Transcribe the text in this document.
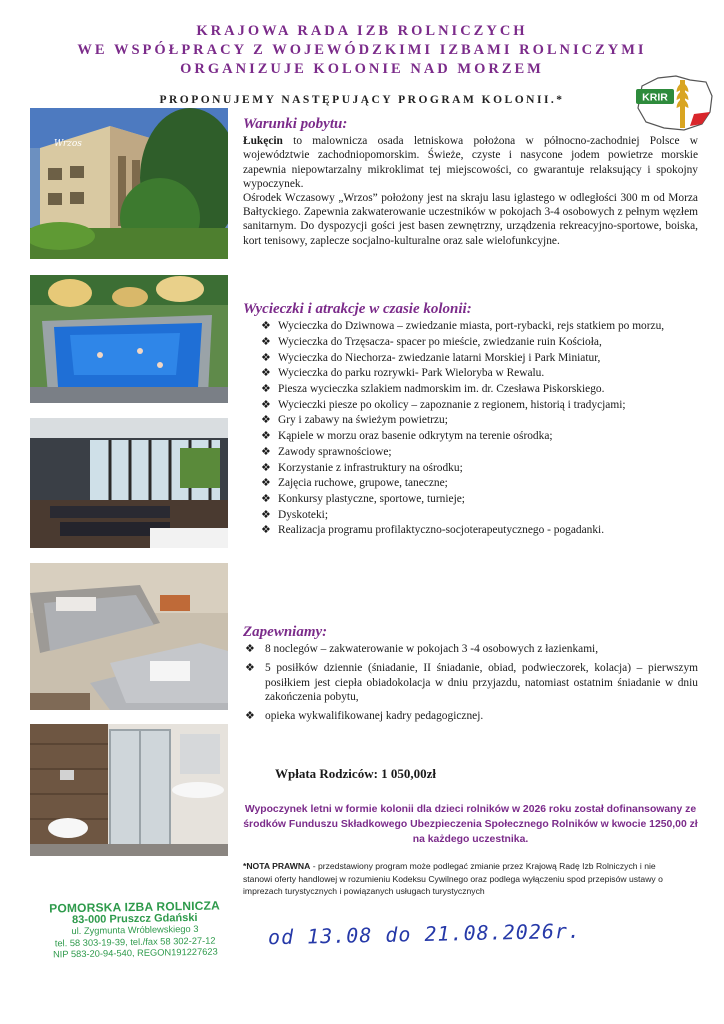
KRAJOWA RADA IZB ROLNICZYCH
WE WSPÓŁPRACY Z WOJEWÓDZKIMI IZBAMI ROLNICZYMI
ORGANIZUJE KOLONIE NAD MORZEM
PROPONUJEMY NASTĘPUJĄCY PROGRAM KOLONII.*	KRIR
Wrzos
Warunki pobytu:

Łukęcin to malownicza osada letniskowa położona w północno-zachodniej Polsce w województwie zachodniopomorskim. Świeże, czyste i nasycone jodem powietrze morskie zapewnia niepowtarzalny mikroklimat tej miejscowości, co gwarantuje relaksujący i spokojny wypoczynek.

Ośrodek Wczasowy „Wrzos” położony jest na skraju lasu iglastego w odległości 300 m od Morza Bałtyckiego. Zapewnia zakwaterowanie uczestników w pokojach 3-4 osobowych z pełnym węzłem sanitarnym. Do dyspozycji gości jest basen zewnętrzny, urządzenia rekreacyjno-sportowe, boiska, kort tenisowy, zaplecze socjalno-kulturalne oraz sale wielofunkcyjne.

Wycieczki i atrakcje w czasie kolonii:
❖ Wycieczka do Dziwnowa – zwiedzanie miasta, port-rybacki, rejs statkiem po morzu,
❖ Wycieczka do Trzęsacza- spacer po mieście, zwiedzanie ruin Kościoła,
❖ Wycieczka do Niechorza- zwiedzanie latarni Morskiej i Park Miniatur,
❖ Wycieczka do parku rozrywki- Park Wieloryba w Rewalu.
❖ Piesza wycieczka szlakiem nadmorskim im. dr. Czesława Piskorskiego.
❖ Wycieczki piesze po okolicy – zapoznanie z regionem, historią i tradycjami;
❖ Gry i zabawy na świeżym powietrzu;
❖ Kąpiele w morzu oraz basenie odkrytym na terenie ośrodka;
❖ Zawody sprawnościowe;
❖ Korzystanie z infrastruktury na ośrodku;
❖ Zajęcia ruchowe, grupowe, taneczne;
❖ Konkursy plastyczne, sportowe, turnieje;
❖ Dyskoteki;
❖ Realizacja programu profilaktyczno-socjoterapeutycznego - pogadanki.
Zapewniamy:
❖ 8 noclegów – zakwaterowanie w pokojach 3 -4 osobowych z łazienkami,
❖ 5 posiłków dziennie (śniadanie, II śniadanie, obiad, podwieczorek, kolacja) – pierwszym posiłkiem jest ciepła obiadokolacja w dniu przyjazdu, natomiast ostatnim śniadanie w dniu zakończenia pobytu,
❖ opieka wykwalifikowanej kadry pedagogicznej.
Wpłata Rodziców: 1 050,00zł
Wypoczynek letni w formie kolonii dla dzieci rolników w 2026 roku został dofinansowany ze środków Funduszu Składkowego Ubezpieczenia Społecznego Rolników w kwocie 1250,00 zł na każdego uczestnika.
*NOTA PRAWNA - przedstawiony program może podlegać zmianie przez Krajową Radę Izb Rolniczych i nie stanowi oferty handlowej w rozumieniu Kodeksu Cywilnego oraz podlega wyłączeniu spod przepisów ustawy o imprezach turystycznych i powiązanych usługach turystycznych
POMORSKA IZBA ROLNICZA
83-000 Pruszcz Gdański
ul. Zygmunta Wróblewskiego 3
tel. 58 303-19-39, tel./fax 58 302-27-12
NIP 583-20-94-540, REGON191227623
od 13.08 do 21.08.2026r.
